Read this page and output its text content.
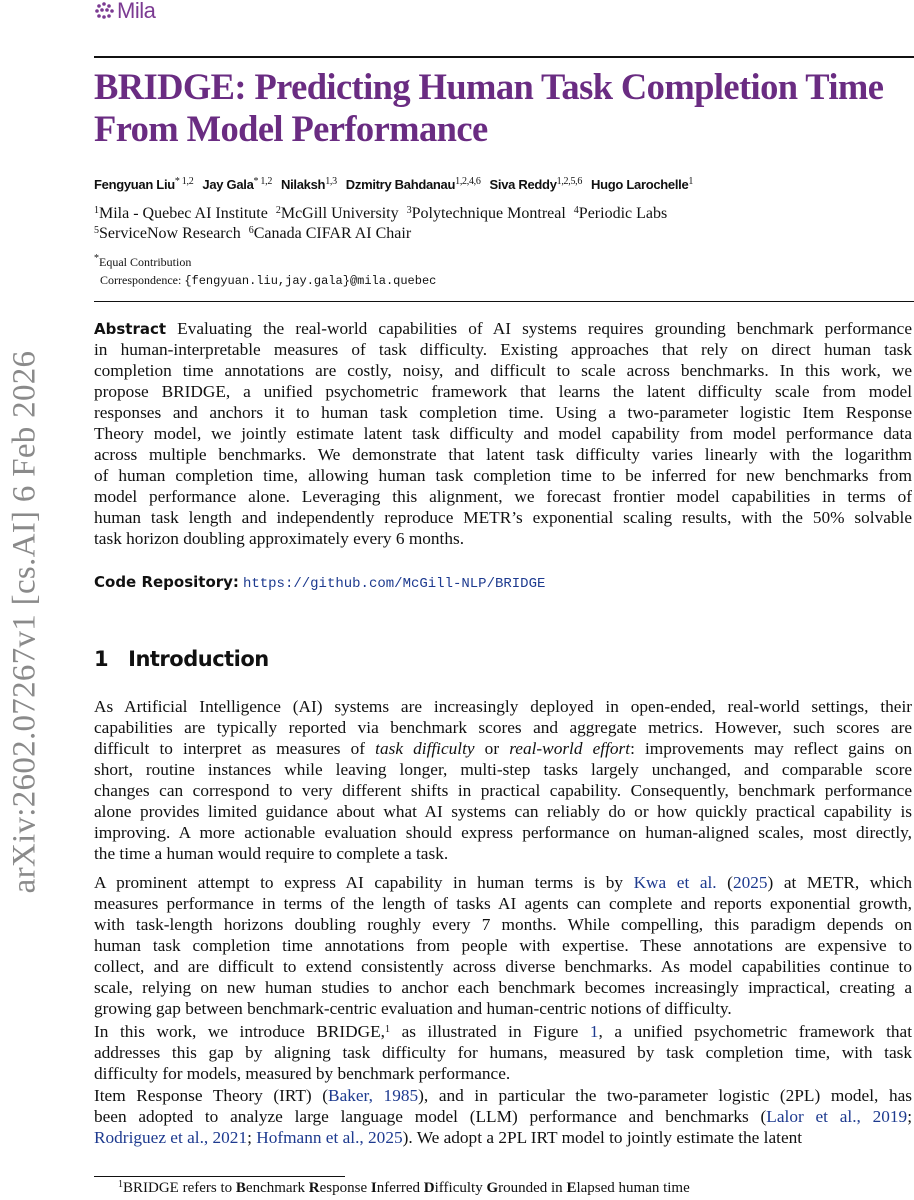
Mila
arXiv:2602.07267v1 [cs.AI] 6 Feb 2026
BRIDGE: Predicting Human Task Completion Time
From Model Performance
Fengyuan Liu$^{* 1,2}$ Jay Gala$^{* 1,2}$ Nilaksh$^{1,3}$ Dzmitry Bahdanau$^{1,2,4,6}$ Siva Reddy$^{1,2,5,6}$ Hugo Larochelle$^1$
$^1$Mila - Quebec AI Institute $^2$McGill University $^3$Polytechnique Montreal $^4$Periodic Labs
$^5$ServiceNow Research $^6$Canada CIFAR AI Chair
*Equal Contribution
Correspondence: {fengyuan.liu,jay.gala}@mila.quebec
Abstract Evaluating the real-world capabilities of AI systems requires grounding benchmark performance
in human-interpretable measures of task difficulty. Existing approaches that rely on direct human task
completion time annotations are costly, noisy, and difficult to scale across benchmarks. In this work, we
propose BRIDGE, a unified psychometric framework that learns the latent difficulty scale from model
responses and anchors it to human task completion time. Using a two-parameter logistic Item Response
Theory model, we jointly estimate latent task difficulty and model capability from model performance data
across multiple benchmarks. We demonstrate that latent task difficulty varies linearly with the logarithm
of human completion time, allowing human task completion time to be inferred for new benchmarks from
model performance alone. Leveraging this alignment, we forecast frontier model capabilities in terms of
human task length and independently reproduce METR’s exponential scaling results, with the 50% solvable
task horizon doubling approximately every 6 months.
Code Repository: https://github.com/McGill-NLP/BRIDGE
1 Introduction
As Artificial Intelligence (AI) systems are increasingly deployed in open-ended, real-world settings, their
capabilities are typically reported via benchmark scores and aggregate metrics. However, such scores are
difficult to interpret as measures of task difficulty or real-world effort: improvements may reflect gains on
short, routine instances while leaving longer, multi-step tasks largely unchanged, and comparable score
changes can correspond to very different shifts in practical capability. Consequently, benchmark performance
alone provides limited guidance about what AI systems can reliably do or how quickly practical capability is
improving. A more actionable evaluation should express performance on human-aligned scales, most directly,
the time a human would require to complete a task.
A prominent attempt to express AI capability in human terms is by Kwa et al. (2025) at METR, which
measures performance in terms of the length of tasks AI agents can complete and reports exponential growth,
with task-length horizons doubling roughly every 7 months. While compelling, this paradigm depends on
human task completion time annotations from people with expertise. These annotations are expensive to
collect, and are difficult to extend consistently across diverse benchmarks. As model capabilities continue to
scale, relying on new human studies to anchor each benchmark becomes increasingly impractical, creating a
growing gap between benchmark-centric evaluation and human-centric notions of difficulty.
In this work, we introduce BRIDGE,$^1$ as illustrated in Figure 1, a unified psychometric framework that
addresses this gap by aligning task difficulty for humans, measured by task completion time, with task
difficulty for models, measured by benchmark performance.
Item Response Theory (IRT) (Baker, 1985), and in particular the two-parameter logistic (2PL) model, has
been adopted to analyze large language model (LLM) performance and benchmarks (Lalor et al., 2019;
Rodriguez et al., 2021; Hofmann et al., 2025). We adopt a 2PL IRT model to jointly estimate the latent
$^1$BRIDGE refers to Benchmark Response Inferred Difficulty Grounded in Elapsed human time
